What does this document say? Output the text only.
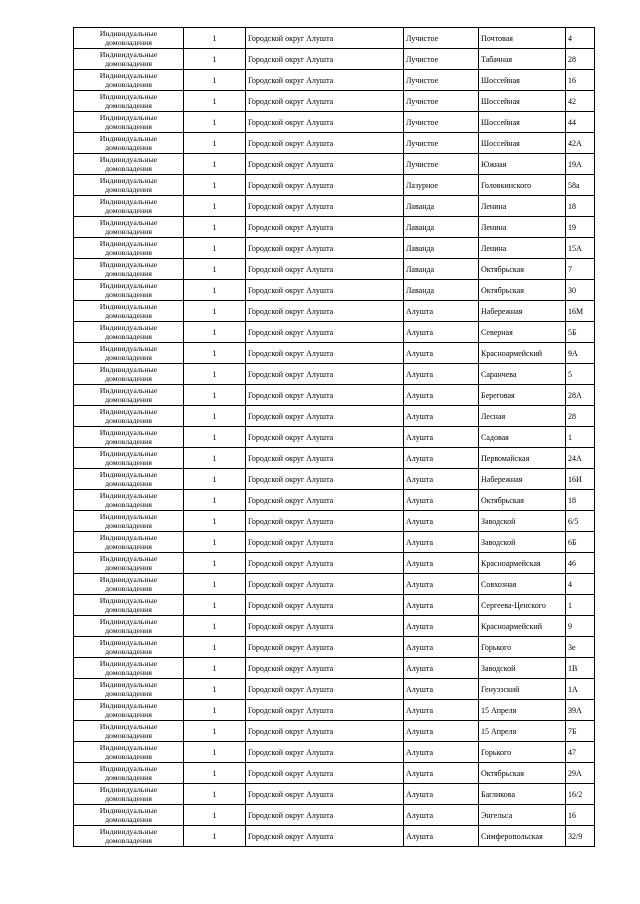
Индивидуальные домовладения	1	Городской округ Алушта	Лучистое	Почтовая	4
Индивидуальные домовладения	1	Городской округ Алушта	Лучистое	Табачная	28
Индивидуальные домовладения	1	Городской округ Алушта	Лучистое	Шоссейная	16
Индивидуальные домовладения	1	Городской округ Алушта	Лучистое	Шоссейная	42
Индивидуальные домовладения	1	Городской округ Алушта	Лучистое	Шоссейная	44
Индивидуальные домовладения	1	Городской округ Алушта	Лучистое	Шоссейная	42А
Индивидуальные домовладения	1	Городской округ Алушта	Лучистое	Южная	19А
Индивидуальные домовладения	1	Городской округ Алушта	Лазурное	Головкинского	58а
Индивидуальные домовладения	1	Городской округ Алушта	Лаванда	Ленина	18
Индивидуальные домовладения	1	Городской округ Алушта	Лаванда	Ленина	19
Индивидуальные домовладения	1	Городской округ Алушта	Лаванда	Ленина	15А
Индивидуальные домовладения	1	Городской округ Алушта	Лаванда	Октябрьская	7
Индивидуальные домовладения	1	Городской округ Алушта	Лаванда	Октябрьская	30
Индивидуальные домовладения	1	Городской округ Алушта	Алушта	Набережная	16М
Индивидуальные домовладения	1	Городской округ Алушта	Алушта	Северная	5Б
Индивидуальные домовладения	1	Городской округ Алушта	Алушта	Красноармейский	9А
Индивидуальные домовладения	1	Городской округ Алушта	Алушта	Саранчева	5
Индивидуальные домовладения	1	Городской округ Алушта	Алушта	Береговая	28А
Индивидуальные домовладения	1	Городской округ Алушта	Алушта	Лесная	28
Индивидуальные домовладения	1	Городской округ Алушта	Алушта	Садовая	1
Индивидуальные домовладения	1	Городской округ Алушта	Алушта	Первомайская	24А
Индивидуальные домовладения	1	Городской округ Алушта	Алушта	Набережная	16И
Индивидуальные домовладения	1	Городской округ Алушта	Алушта	Октябрьская	18
Индивидуальные домовладения	1	Городской округ Алушта	Алушта	Заводской	6/5
Индивидуальные домовладения	1	Городской округ Алушта	Алушта	Заводской	6Б
Индивидуальные домовладения	1	Городской округ Алушта	Алушта	Красноармейская	46
Индивидуальные домовладения	1	Городской округ Алушта	Алушта	Совхозная	4
Индивидуальные домовладения	1	Городской округ Алушта	Алушта	Сергеева-Ценского	1
Индивидуальные домовладения	1	Городской округ Алушта	Алушта	Красноармейский	9
Индивидуальные домовладения	1	Городской округ Алушта	Алушта	Горького	3е
Индивидуальные домовладения	1	Городской округ Алушта	Алушта	Заводской	1В
Индивидуальные домовладения	1	Городской округ Алушта	Алушта	Генуэзский	1А
Индивидуальные домовладения	1	Городской округ Алушта	Алушта	15 Апреля	39А
Индивидуальные домовладения	1	Городской округ Алушта	Алушта	15 Апреля	7Б
Индивидуальные домовладения	1	Городской округ Алушта	Алушта	Горького	47
Индивидуальные домовладения	1	Городской округ Алушта	Алушта	Октябрьская	29А
Индивидуальные домовладения	1	Городской округ Алушта	Алушта	Багликова	16/2
Индивидуальные домовладения	1	Городской округ Алушта	Алушта	Энгельса	16
Индивидуальные домовладения	1	Городской округ Алушта	Алушта	Симферопольская	32/9
